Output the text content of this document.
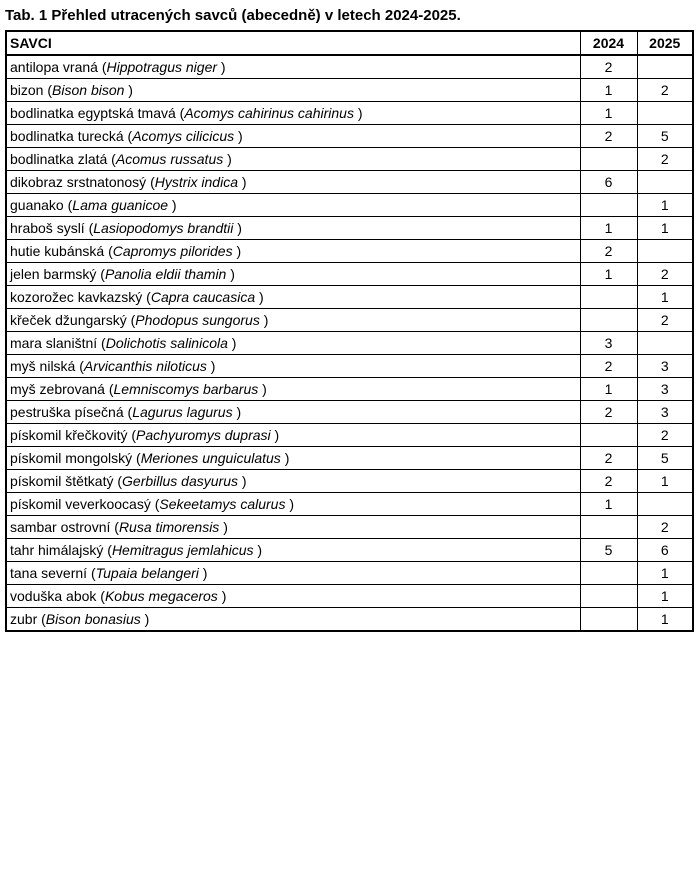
Tab. 1 Přehled utracených savců (abecedně) v letech 2024-2025.
SAVCI	2024	2025
antilopa vraná (Hippotragus niger )	2	
bizon (Bison bison )	1	2
bodlinatka egyptská tmavá (Acomys cahirinus cahirinus )	1	
bodlinatka turecká (Acomys cilicicus )	2	5
bodlinatka zlatá (Acomus russatus )		2
dikobraz srstnatonosý (Hystrix indica )	6	
guanako (Lama guanicoe )		1
hraboš syslí (Lasiopodomys brandtii )	1	1
hutie kubánská (Capromys pilorides )	2	
jelen barmský (Panolia eldii thamin )	1	2
kozorožec kavkazský (Capra caucasica )		1
křeček džungarský (Phodopus sungorus )		2
mara slaništní (Dolichotis salinicola )	3	
myš nilská (Arvicanthis niloticus )	2	3
myš zebrovaná (Lemniscomys barbarus )	1	3
pestruška písečná (Lagurus lagurus )	2	3
pískomil křečkovitý (Pachyuromys duprasi )		2
pískomil mongolský (Meriones unguiculatus )	2	5
pískomil štětkatý (Gerbillus dasyurus )	2	1
pískomil veverkoocasý (Sekeetamys calurus )	1	
sambar ostrovní (Rusa timorensis )		2
tahr himálajský (Hemitragus jemlahicus )	5	6
tana severní (Tupaia belangeri )		1
voduška abok (Kobus megaceros )		1
zubr (Bison bonasius )		1
